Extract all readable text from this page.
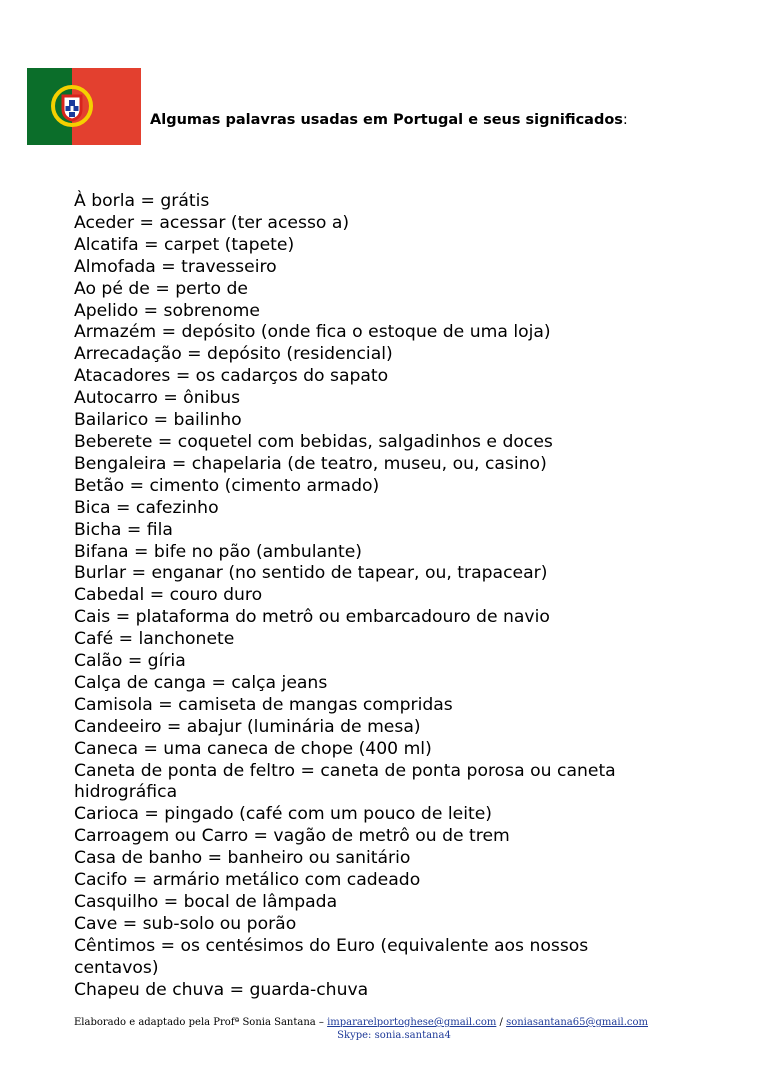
Algumas palavras usadas em Portugal e seus significados:
À borla = grátis
Aceder = acessar (ter acesso a)
Alcatifa = carpet (tapete)
Almofada = travesseiro
Ao pé de = perto de
Apelido = sobrenome
Armazém = depósito (onde fica o estoque de uma loja)
Arrecadação = depósito (residencial)
Atacadores = os cadarços do sapato
Autocarro = ônibus
Bailarico = bailinho
Beberete = coquetel com bebidas, salgadinhos e doces
Bengaleira = chapelaria (de teatro, museu, ou, casino)
Betão = cimento (cimento armado)
Bica = cafezinho
Bicha = fila
Bifana = bife no pão (ambulante)
Burlar = enganar (no sentido de tapear, ou, trapacear)
Cabedal = couro duro
Cais = plataforma do metrô ou embarcadouro de navio
Café = lanchonete
Calão = gíria
Calça de canga = calça jeans
Camisola = camiseta de mangas compridas
Candeeiro = abajur (luminária de mesa)
Caneca = uma caneca de chope (400 ml)
Caneta de ponta de feltro = caneta de ponta porosa ou caneta
hidrográfica
Carioca = pingado (café com um pouco de leite)
Carroagem ou Carro = vagão de metrô ou de trem
Casa de banho = banheiro ou sanitário
Cacifo = armário metálico com cadeado
Casquilho = bocal de lâmpada
Cave = sub-solo ou porão
Cêntimos = os centésimos do Euro (equivalente aos nossos
centavos)
Chapeu de chuva = guarda-chuva
Elaborado e adaptado pela Profª Sonia Santana – impararelportoghese@gmail.com / soniasantana65@gmail.com
Skype: sonia.santana4
